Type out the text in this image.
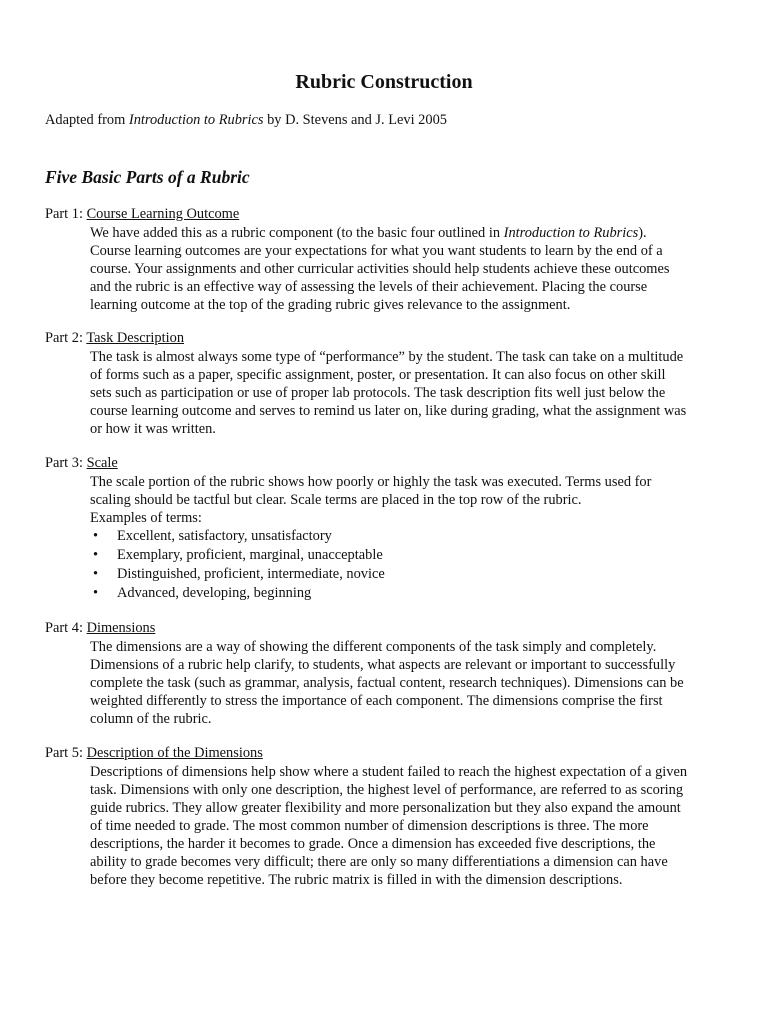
Rubric Construction
Adapted from Introduction to Rubrics by D. Stevens and J. Levi 2005
Five Basic Parts of a Rubric
Part 1: Course Learning Outcome
We have added this as a rubric component (to the basic four outlined in Introduction to Rubrics).
Course learning outcomes are your expectations for what you want students to learn by the end of a
course. Your assignments and other curricular activities should help students achieve these outcomes
and the rubric is an effective way of assessing the levels of their achievement. Placing the course
learning outcome at the top of the grading rubric gives relevance to the assignment.
Part 2: Task Description
The task is almost always some type of “performance” by the student. The task can take on a multitude
of forms such as a paper, specific assignment, poster, or presentation. It can also focus on other skill
sets such as participation or use of proper lab protocols. The task description fits well just below the
course learning outcome and serves to remind us later on, like during grading, what the assignment was
or how it was written.
Part 3: Scale
The scale portion of the rubric shows how poorly or highly the task was executed. Terms used for
scaling should be tactful but clear. Scale terms are placed in the top row of the rubric.
Examples of terms:
• Excellent, satisfactory, unsatisfactory
• Exemplary, proficient, marginal, unacceptable
• Distinguished, proficient, intermediate, novice
• Advanced, developing, beginning
Part 4: Dimensions
The dimensions are a way of showing the different components of the task simply and completely.
Dimensions of a rubric help clarify, to students, what aspects are relevant or important to successfully
complete the task (such as grammar, analysis, factual content, research techniques). Dimensions can be
weighted differently to stress the importance of each component. The dimensions comprise the first
column of the rubric.
Part 5: Description of the Dimensions
Descriptions of dimensions help show where a student failed to reach the highest expectation of a given
task. Dimensions with only one description, the highest level of performance, are referred to as scoring
guide rubrics. They allow greater flexibility and more personalization but they also expand the amount
of time needed to grade. The most common number of dimension descriptions is three. The more
descriptions, the harder it becomes to grade. Once a dimension has exceeded five descriptions, the
ability to grade becomes very difficult; there are only so many differentiations a dimension can have
before they become repetitive. The rubric matrix is filled in with the dimension descriptions.
